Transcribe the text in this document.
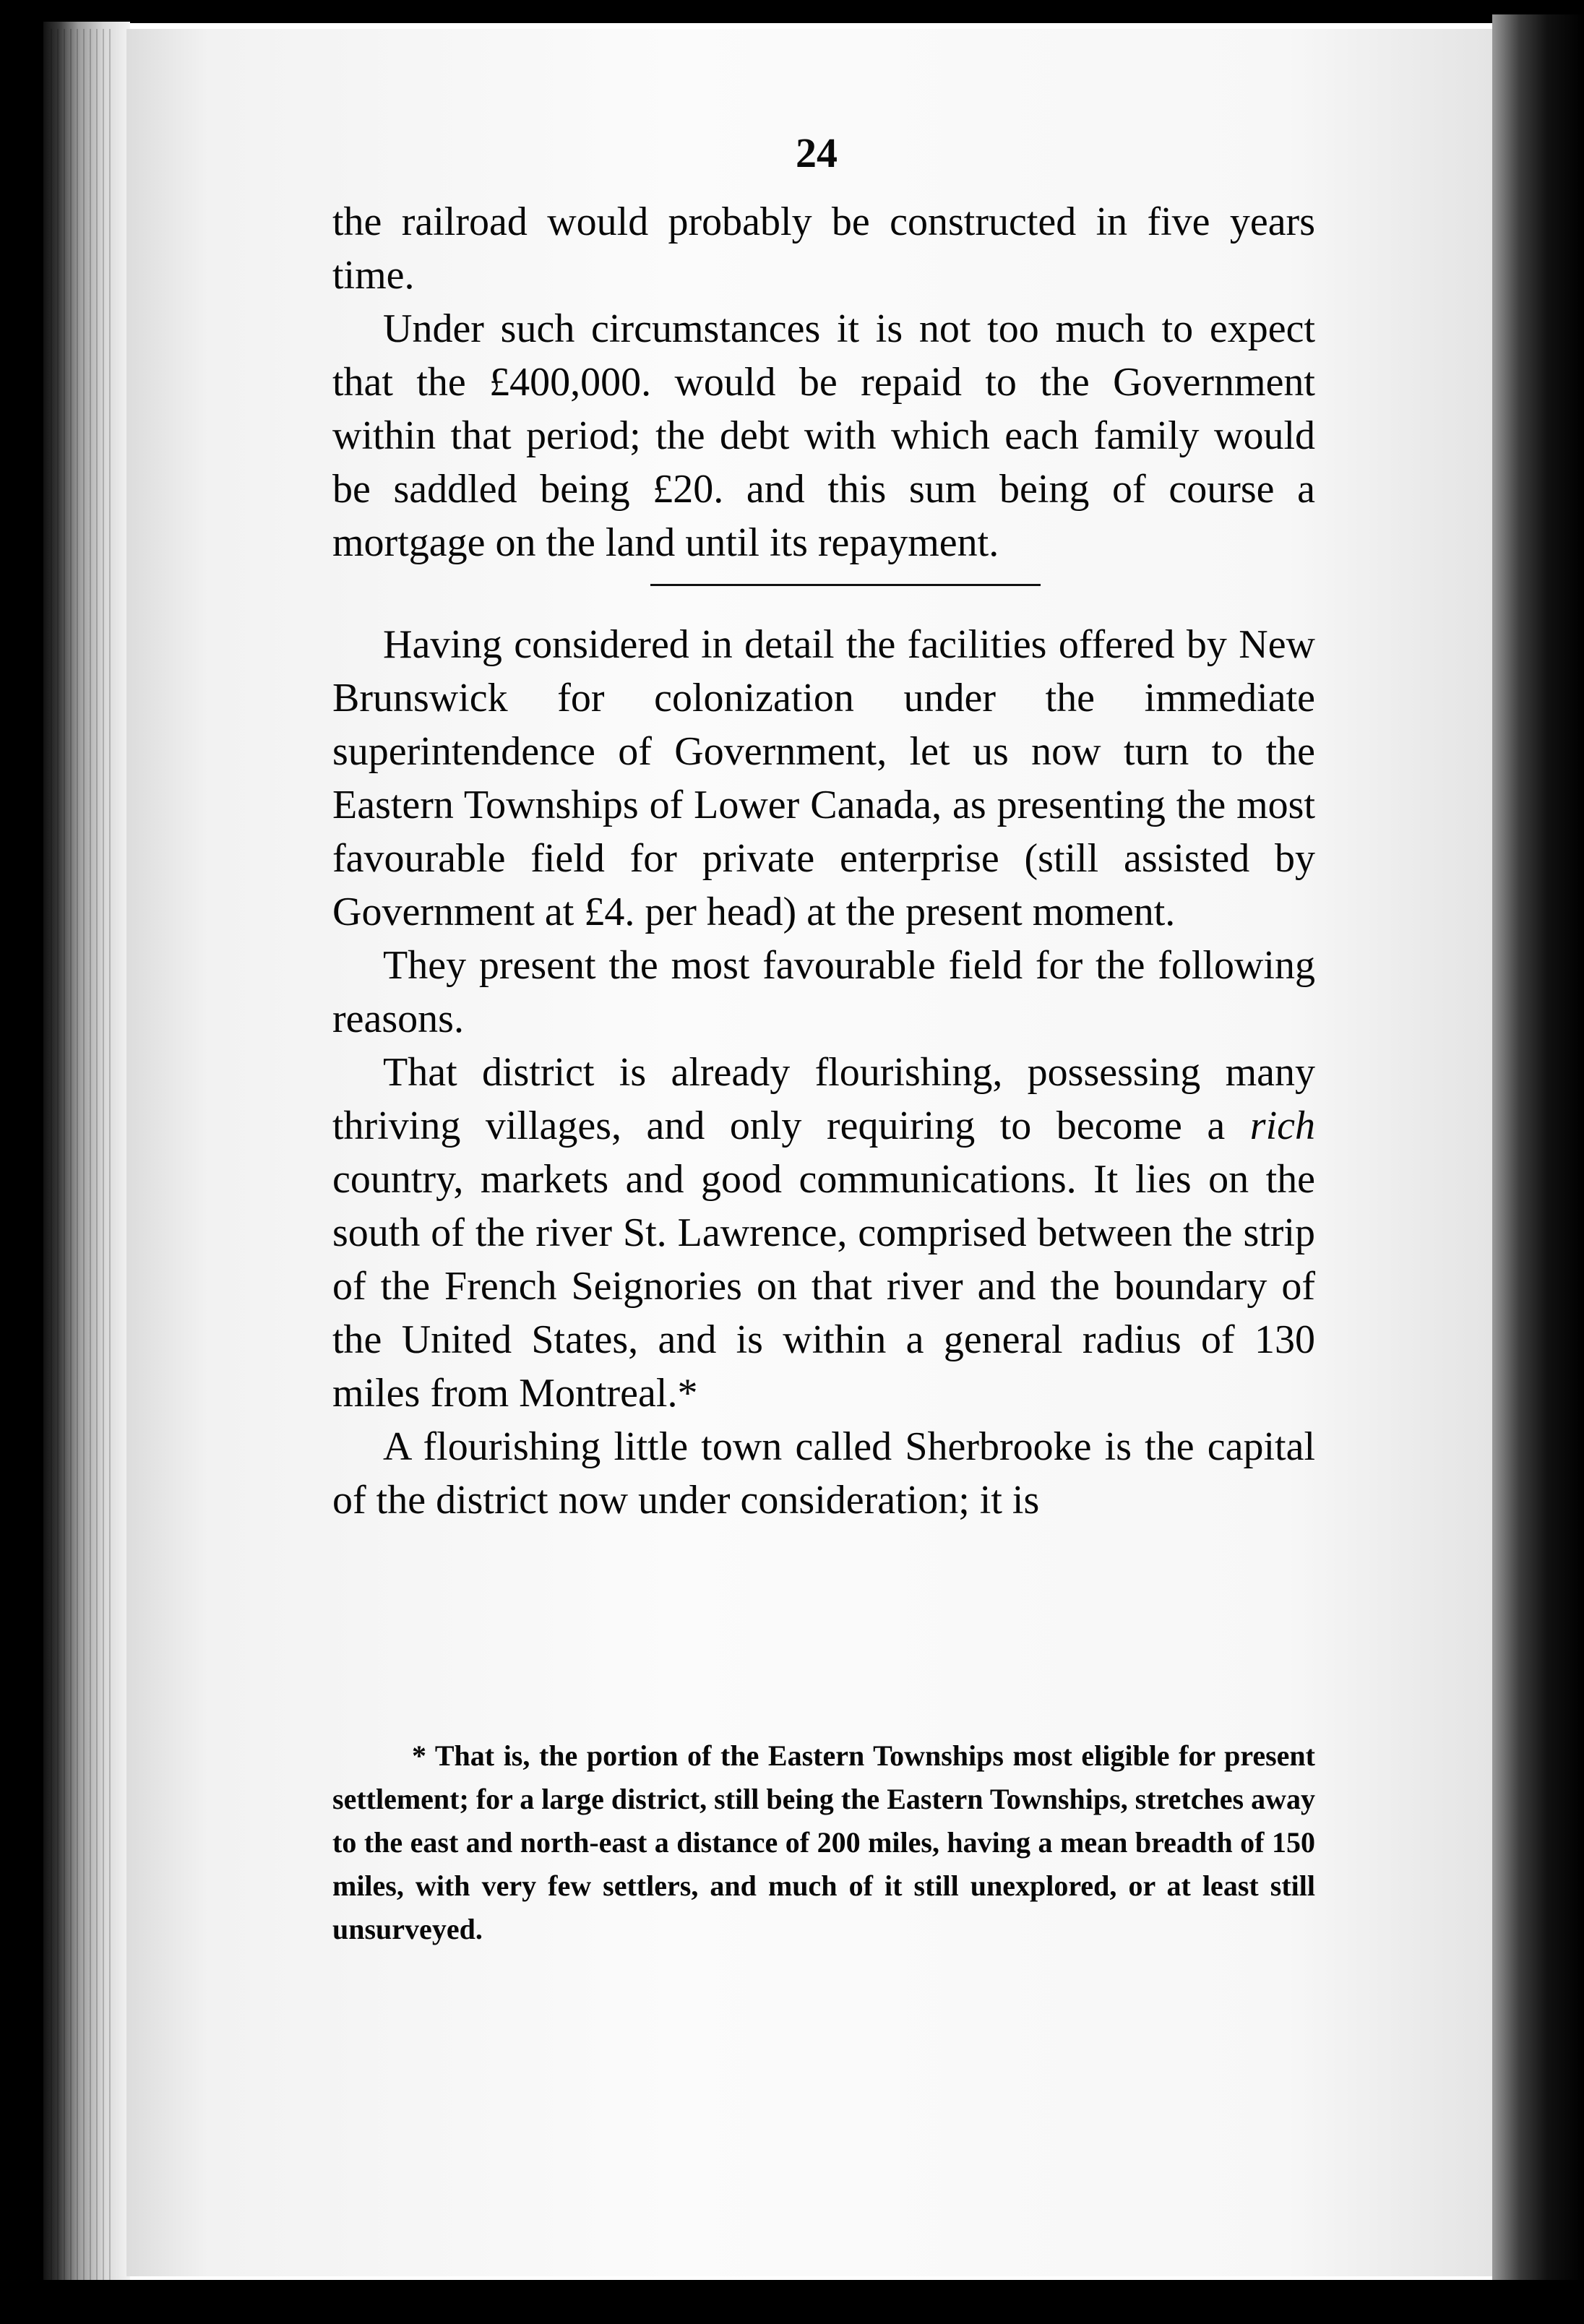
24

the railroad would probably be constructed in five years time.

Under such circumstances it is not too much to expect that the £400,000. would be repaid to the Government within that period; the debt with which each family would be saddled being £20. and this sum being of course a mortgage on the land until its repayment.

Having considered in detail the facilities offered by New Brunswick for colonization under the immediate superintendence of Government, let us now turn to the Eastern Townships of Lower Canada, as presenting the most favourable field for private enterprise (still assisted by Government at £4. per head) at the present moment.

They present the most favourable field for the following reasons.

That district is already flourishing, possessing many thriving villages, and only requiring to become a rich country, markets and good communications. It lies on the south of the river St. Lawrence, comprised between the strip of the French Seignories on that river and the boundary of the United States, and is within a general radius of 130 miles from Montreal.*

A flourishing little town called Sherbrooke is the capital of the district now under consideration; it is

* That is, the portion of the Eastern Townships most eligible for present settlement; for a large district, still being the Eastern Townships, stretches away to the east and north-east a distance of 200 miles, having a mean breadth of 150 miles, with very few settlers, and much of it still unexplored, or at least still unsurveyed.
